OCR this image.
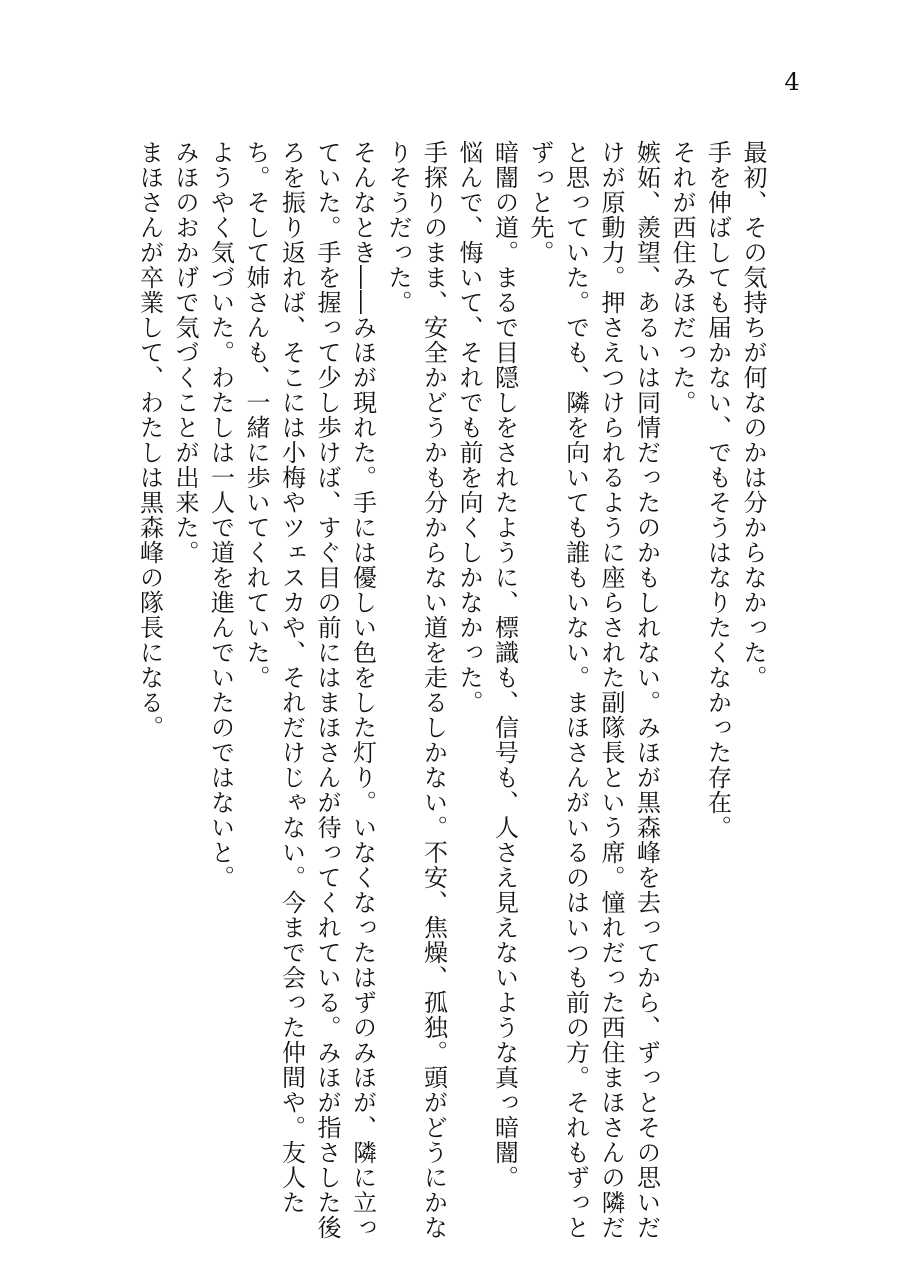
4

最初、その気持ちが何なのかは分からなかった。

手を伸ばしても届かない、でもそうはなりたくなかった存在。

それが西住みほだった。

嫉妬、羨望、あるいは同情だったのかもしれない。みほが黒森峰を去ってから、ずっとその思いだけが原動力。押さえつけられるように座らされた副隊長という席。憧れだった西住まほさんの隣だと思っていた。でも、隣を向いても誰もいない。まほさんがいるのはいつも前の方。それもずっとずっと先。

暗闇の道。まるで目隠しをされたように、標識も、信号も、人さえ見えないような真っ暗闇。

悩んで、悔いて、それでも前を向くしかなかった。

手探りのまま、安全かどうかも分からない道を走るしかない。不安、焦燥、孤独。頭がどうにかなりそうだった。

そんなとき――みほが現れた。手には優しい色をした灯り。いなくなったはずのみほが、隣に立っていた。手を握って少し歩けば、すぐ目の前にはまほさんが待ってくれている。みほが指さした後ろを振り返れば、そこには小梅やツェスカや、それだけじゃない。今まで会った仲間や。友人たち。そして姉さんも、一緒に歩いてくれていた。

ようやく気づいた。わたしは一人で道を進んでいたのではないと。

みほのおかげで気づくことが出来た。

まほさんが卒業して、わたしは黒森峰の隊長になる。
